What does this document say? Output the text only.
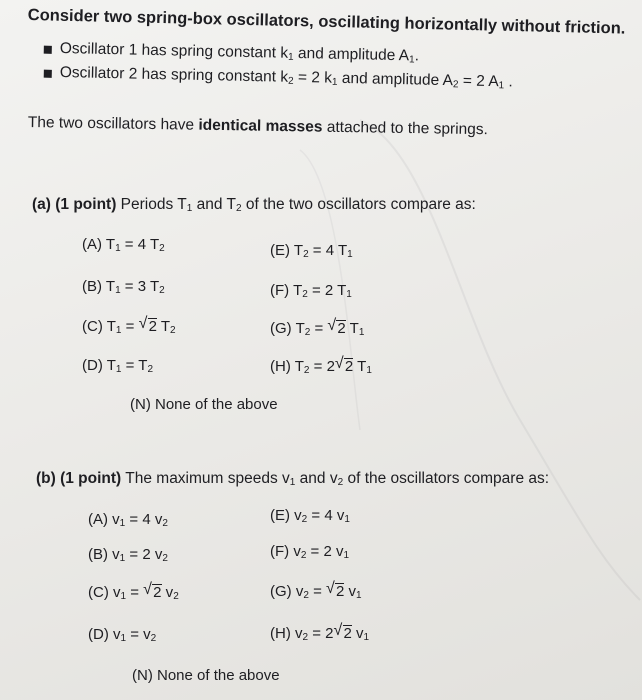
Consider two spring-box oscillators, oscillating horizontally without friction.
Oscillator 1 has spring constant $k_1$ and amplitude $A_1$.
Oscillator 2 has spring constant $k_2 = 2$ $k_1$ and amplitude $A_2 = 2$ $A_1$ .
The two oscillators have identical masses attached to the springs.
(a) (1 point) Periods $T_1$ and $T_2$ of the two oscillators compare as:
(A) $T_1 = 4$ $T_2$
(B) $T_1 = 3$ $T_2$
(C) $T_1$ = √ 2 $T_2$
(D) $T_1 = T_2$
(E) $T_2 = 4$ $T_1$
(F) $T_2 = 2$ $T_1$
(G) $T_2$ = √ 2 $T_1$
(H) $T_2 = 2√$ 2 $T_1$
(N) None of the above
(b) (1 point) The maximum speeds $v_1$ and $v_2$ of the oscillators compare as:
(A) $v_1 = 4$ $v_2$
(B) $v_1 = 2$ $v_2$
(C) $v_1$ = √ 2 $v_2$
(D) $v_1 = v_2$
(E) $v_2 = 4$ $v_1$
(F) $v_2 = 2$ $v_1$
(G) $v_2$ = √ 2 $v_1$
(H) $v_2 = 2√$ 2 $v_1$
(N) None of the above
